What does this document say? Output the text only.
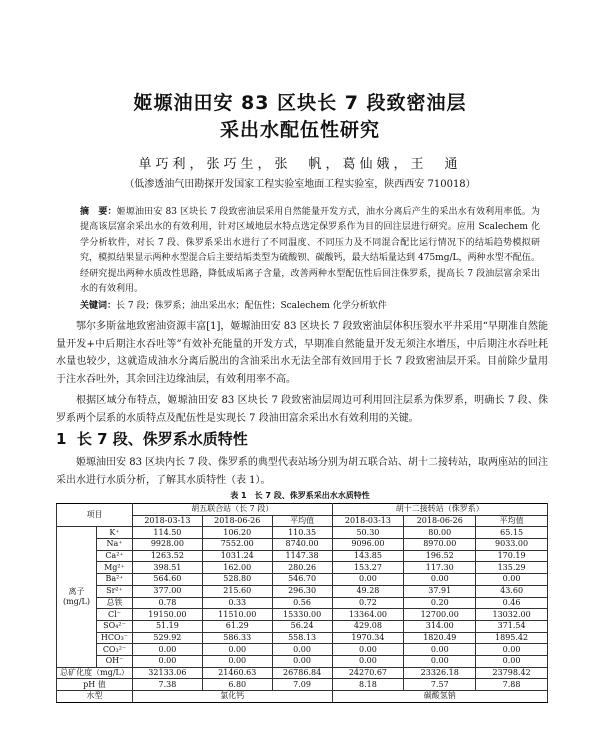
姬塬油田安 83 区块长 7 段致密油层
采出水配伍性研究
单巧利，张巧生，张　帆，葛仙娥，王　通
（低渗透油气田勘探开发国家工程实验室地面工程实验室，陕西西安 710018）
摘　要：姬塬油田安 83 区块长 7 段致密油层采用自然能量开发方式，油水分离后产生的采出水有效利用率低。为提高该层富余采出水的有效利用，针对区域地层水特点选定保罗系作为目的回注层进行研究。应用 Scalechem 化学分析软件，对长 7 段、侏罗系采出水进行了不同温度、不同压力及不同混合配比运行情况下的结垢趋势模拟研究，模拟结果显示两种水型混合后主要结垢类型为硫酸钡、碳酸钙，最大结垢量达到 475mg/L，两种水型不配伍。经研究提出两种水质改性思路，降低成垢离子含量，改善两种水型配伍性后回注侏罗系，提高长 7 段油层富余采出水的有效利用。
关键词：长 7 段；侏罗系；油出采出水；配伍性；Scalechem 化学分析软件

鄂尔多斯盆地致密油资源丰富[1]，姬塬油田安 83 区块长 7 段致密油层体积压裂水平井采用“早期准自然能量开发+中后期注水吞吐等”有效补充能量的开发方式，早期准自然能量开发无须注水增压，中后期注水吞吐耗水量也较少，这就造成油水分离后脱出的含油采出水无法全部有效回用于长 7 段致密油层开采。目前除少量用于注水吞吐外，其余回注边缘油层，有效利用率不高。

根据区域分布特点，姬塬油田安 83 区块长 7 段致密油层周边可利用回注层系为侏罗系，明确长 7 段、侏罗系两个层系的水质特点及配伍性是实现长 7 段油田富余采出水有效利用的关键。

1 长 7 段、侏罗系水质特性

姬塬油田安 83 区块内长 7 段、侏罗系的典型代表站场分别为胡五联合站、胡十二接转站，取两座站的回注采出水进行水质分析，了解其水质特性（表 1）。

表 1　长 7 段、侏罗系采出水水质特性
项目		胡五联合站（长 7 段）			胡十二接转站（侏罗系）		
		2018-03-13	2018-06-26	平均值	2018-03-13	2018-06-26	平均值

离子
(mg/L)	K⁺	114.50	106.20	110.35	50.30	80.00	65.15
	Na⁺	9928.00	7552.00	8740.00	9096.00	8970.00	9033.00
	Ca²⁺	1263.52	1031.24	1147.38	143.85	196.52	170.19
	Mg²⁺	398.51	162.00	280.26	153.27	117.30	135.29
	Ba²⁺	564.60	528.80	546.70	0.00	0.00	0.00
	Sr²⁺	377.00	215.60	296.30	49.28	37.91	43.60
	总铁	0.78	0.33	0.56	0.72	0.20	0.46
	Cl⁻	19150.00	11510.00	15330.00	13364.00	12700.00	13032.00
	SO₄²⁻	51.19	61.29	56.24	429.08	314.00	371.54
	HCO₃⁻	529.92	586.33	558.13	1970.34	1820.49	1895.42
	CO₃²⁻	0.00	0.00	0.00	0.00	0.00	0.00
	OH⁻	0.00	0.00	0.00	0.00	0.00	0.00
总矿化度（mg/L）		32133.06	21460.63	26786.84	24270.67	23326.18	23798.42
pH 值		7.38	6.80	7.09	8.18	7.57	7.88
水型		氯化钙			碳酸氢钠		
